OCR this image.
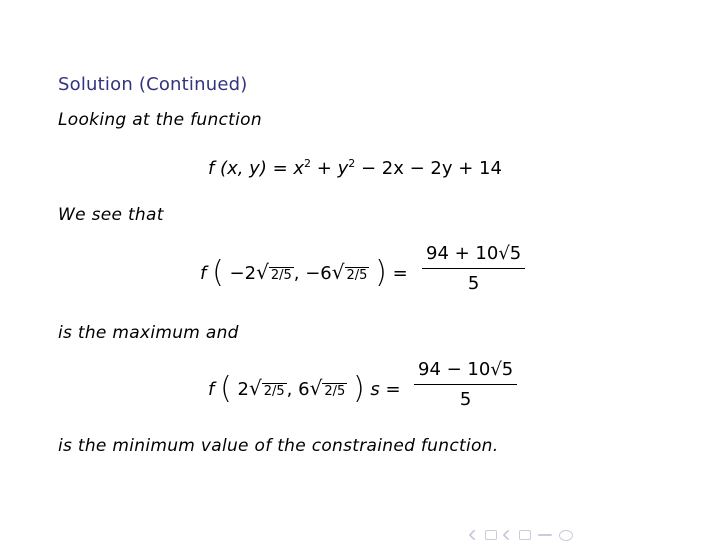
Solution (Continued)
Looking at the function
f (x, $y) = x^2 + y^2 - 2x - 2y + 14$
We see that
f ( −2√ 2/5 , −6√ 2/5 ) = $\frac{94 + 10√5}{5}$
is the maximum and
f ( 2√ 2/5 , 6√ 2/5 ) $s = \frac{94 - 10√5}{5}$
is the minimum value of the constrained function.
